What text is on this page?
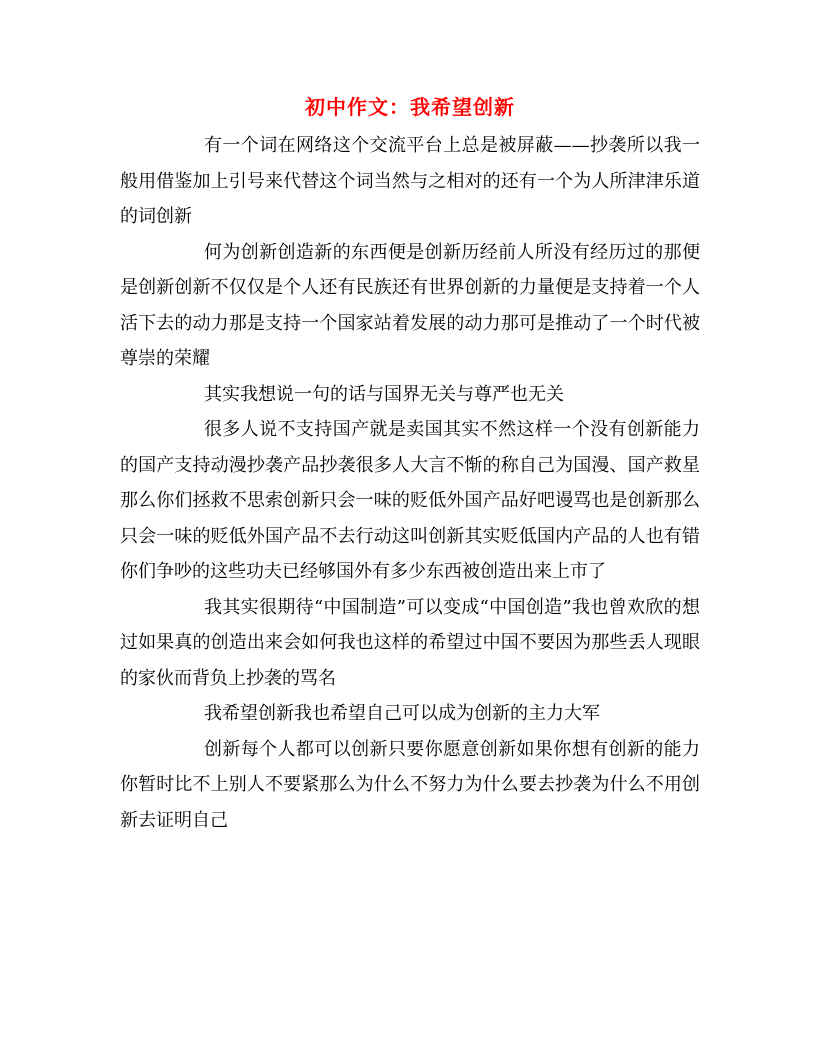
初中作文：我希望创新

有一个词在网络这个交流平台上总是被屏蔽——抄袭所以我一般用借鉴加上引号来代替这个词当然与之相对的还有一个为人所津津乐道的词创新

何为创新创造新的东西便是创新历经前人所没有经历过的那便是创新创新不仅仅是个人还有民族还有世界创新的力量便是支持着一个人活下去的动力那是支持一个国家站着发展的动力那可是推动了一个时代被尊崇的荣耀

其实我想说一句的话与国界无关与尊严也无关

很多人说不支持国产就是卖国其实不然这样一个没有创新能力的国产支持动漫抄袭产品抄袭很多人大言不惭的称自己为国漫、国产救星那么你们拯救不思索创新只会一味的贬低外国产品好吧谩骂也是创新那么只会一味的贬低外国产品不去行动这叫创新其实贬低国内产品的人也有错你们争吵的这些功夫已经够国外有多少东西被创造出来上市了

我其实很期待“中国制造”可以变成“中国创造”我也曾欢欣的想过如果真的创造出来会如何我也这样的希望过中国不要因为那些丢人现眼的家伙而背负上抄袭的骂名

我希望创新我也希望自己可以成为创新的主力大军

创新每个人都可以创新只要你愿意创新如果你想有创新的能力你暂时比不上别人不要紧那么为什么不努力为什么要去抄袭为什么不用创新去证明自己
